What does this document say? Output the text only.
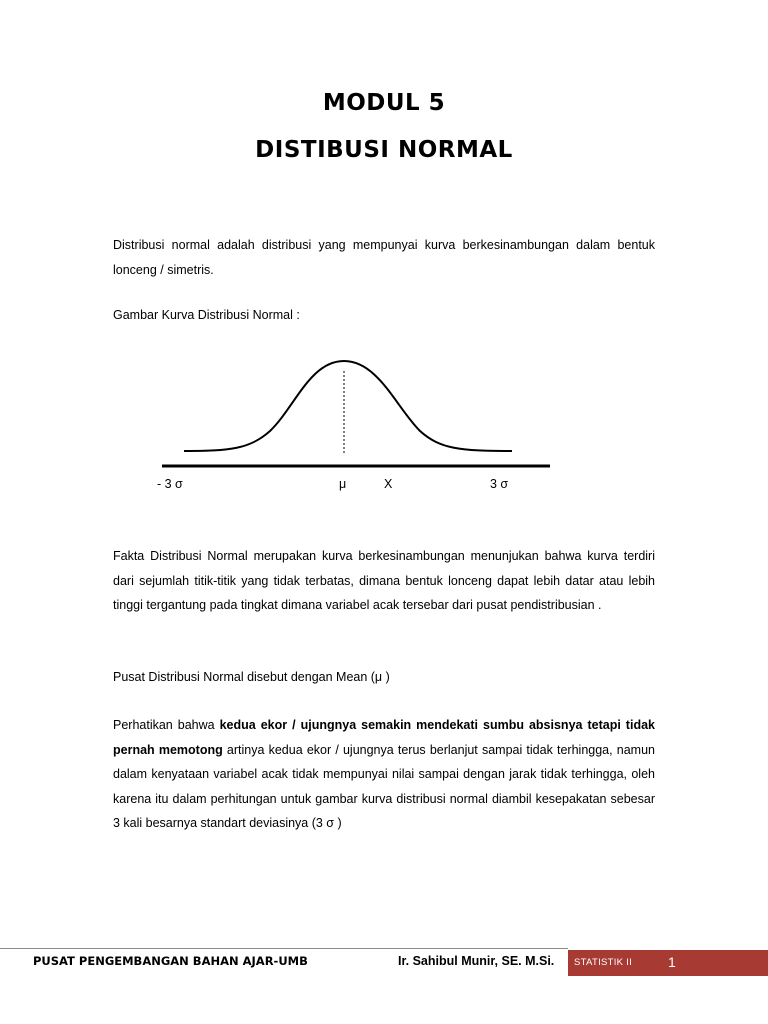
MODUL 5
DISTIBUSI NORMAL
Distribusi normal adalah distribusi yang mempunyai kurva berkesinambungan dalam bentuk lonceng / simetris.
Gambar Kurva Distribusi Normal :
- 3 σ	μ	X	3 σ
Fakta Distribusi Normal merupakan kurva berkesinambungan menunjukan bahwa kurva terdiri dari sejumlah titik-titik yang tidak terbatas, dimana bentuk lonceng dapat lebih datar atau lebih tinggi tergantung pada tingkat dimana variabel acak tersebar dari pusat pendistribusian .
Pusat Distribusi Normal disebut dengan Mean (μ )
Perhatikan bahwa kedua ekor / ujungnya semakin mendekati sumbu absisnya tetapi tidak pernah memotong artinya kedua ekor / ujungnya terus berlanjut sampai tidak terhingga, namun dalam kenyataan variabel acak tidak mempunyai nilai sampai dengan jarak tidak terhingga, oleh karena itu dalam perhitungan untuk gambar kurva distribusi normal diambil kesepakatan sebesar 3 kali besarnya standart deviasinya (3 σ )
PUSAT PENGEMBANGAN BAHAN AJAR-UMB	Ir. Sahibul Munir, SE. M.Si. STATISTIK II	1
